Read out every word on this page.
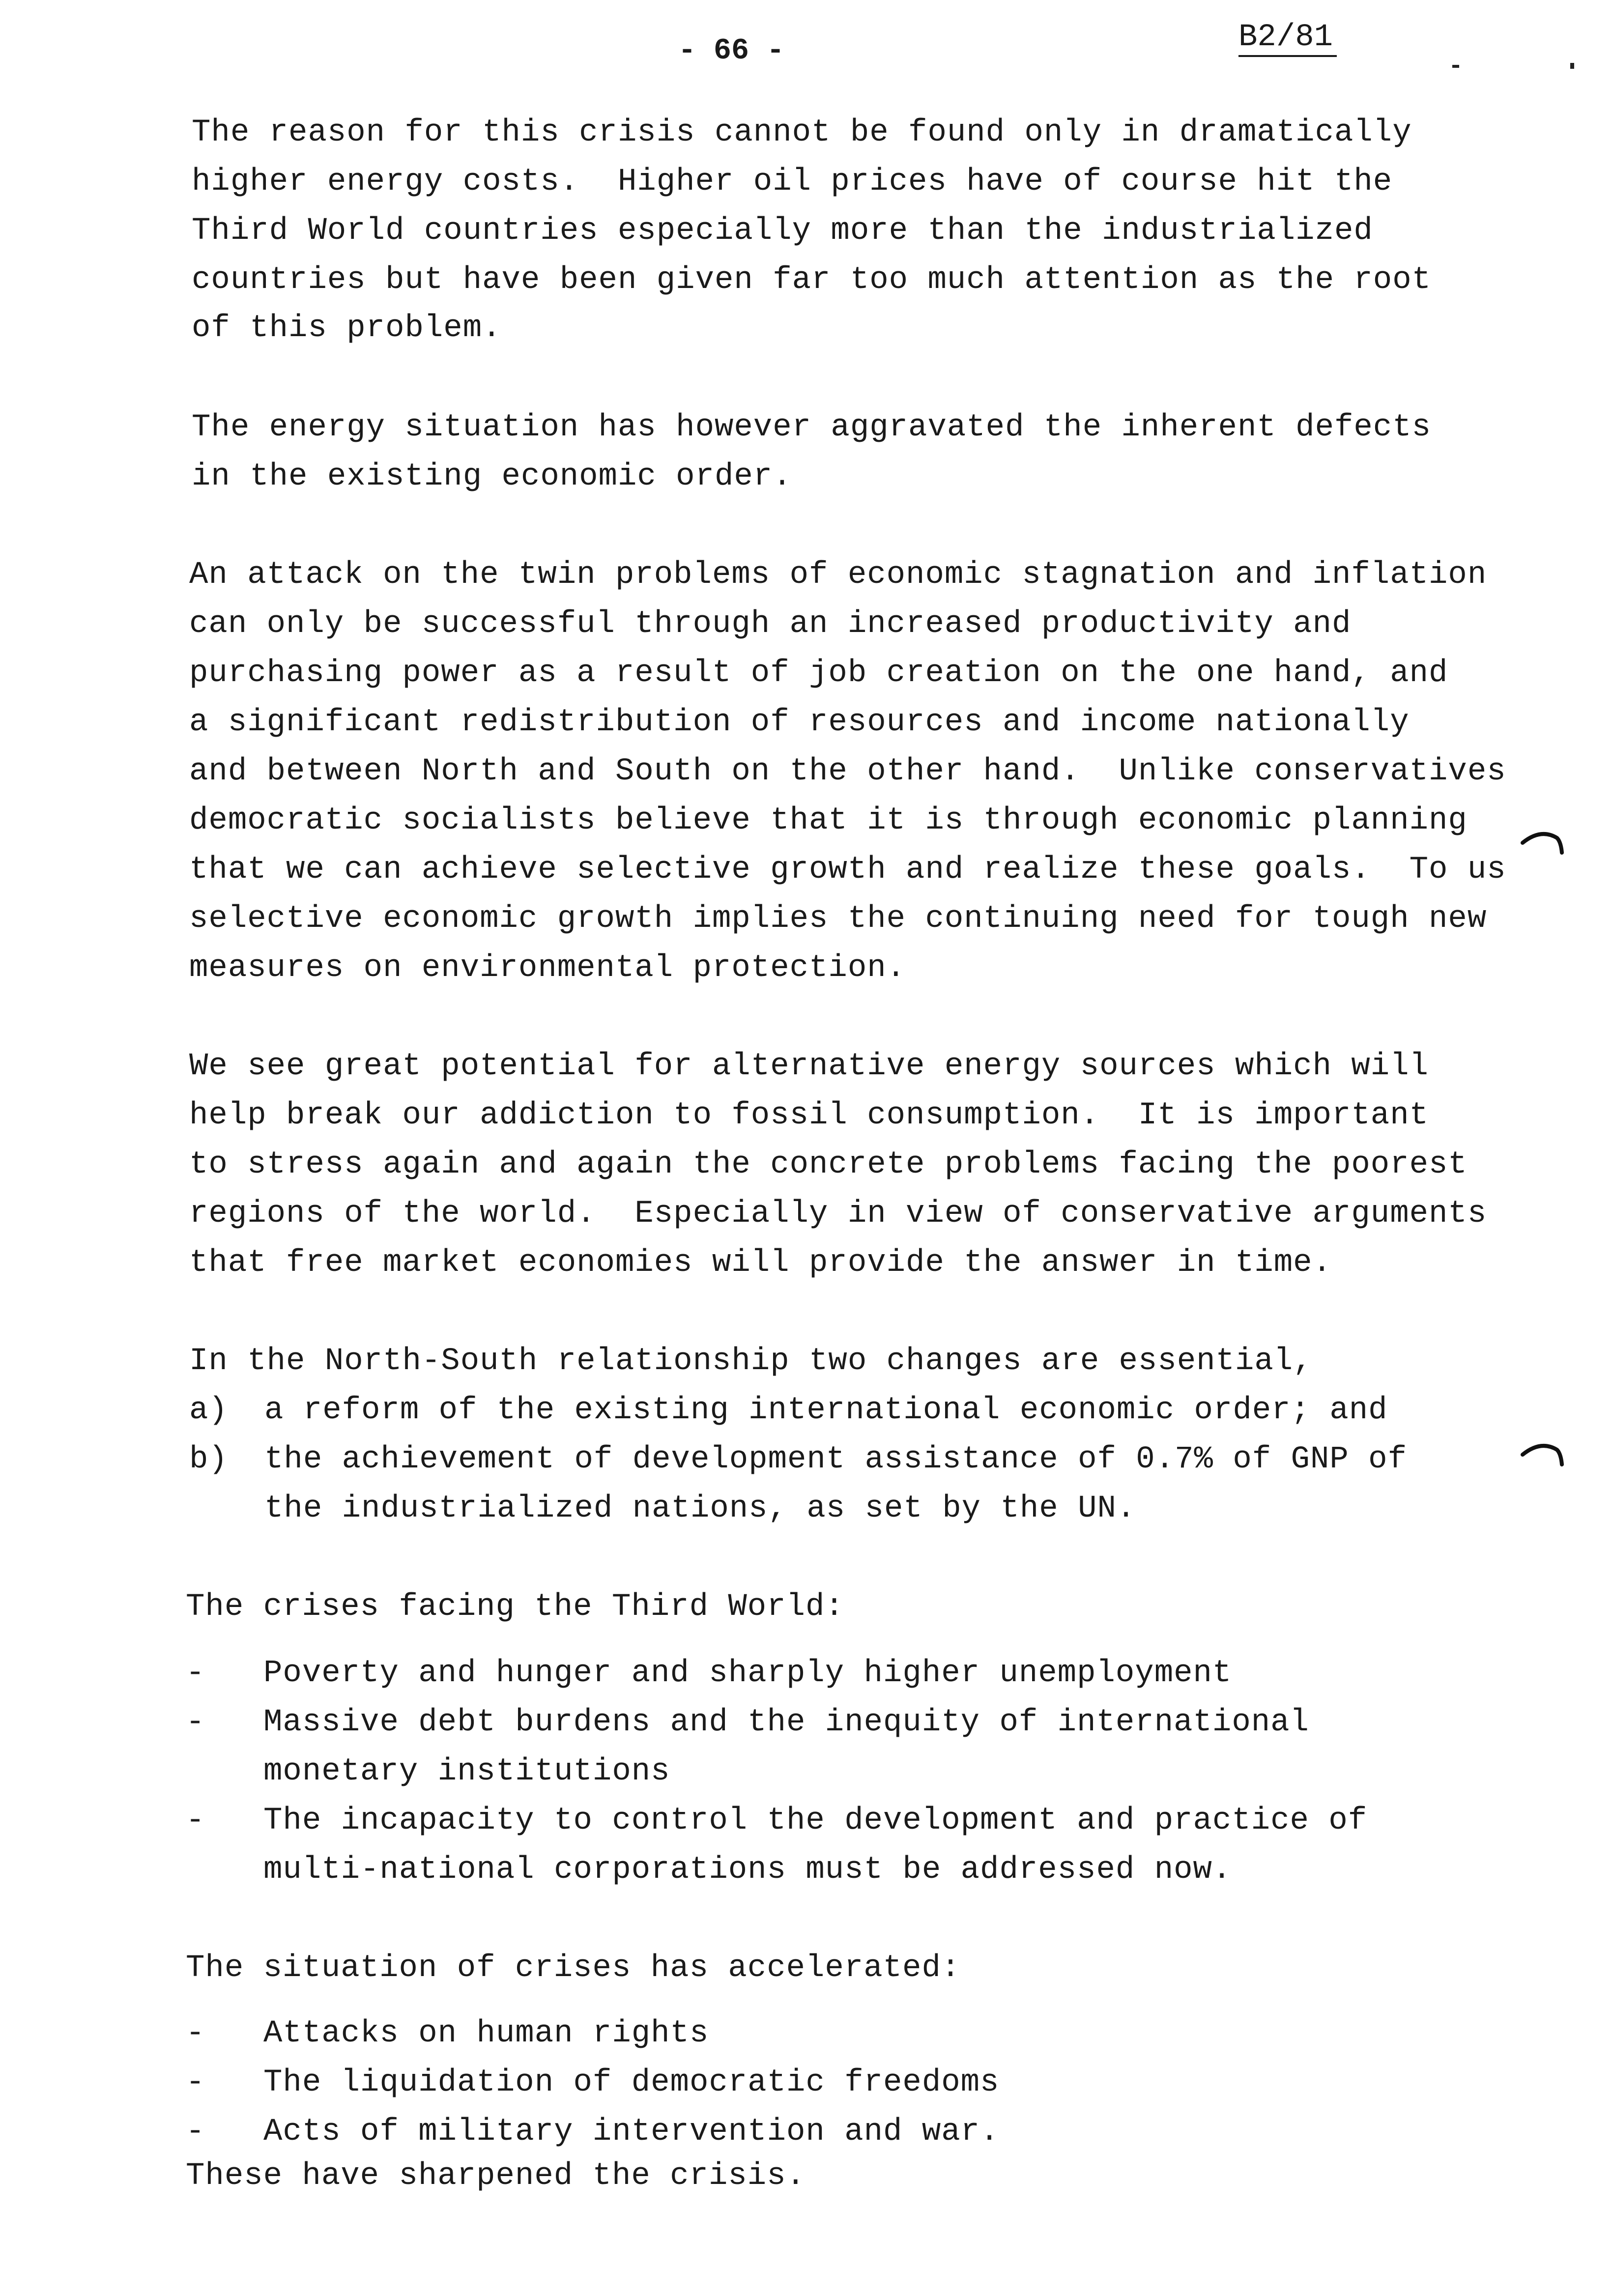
- 66 -	B2/81
The reason for this crisis cannot be found only in dramatically
higher energy costs.  Higher oil prices have of course hit the
Third World countries especially more than the industrialized
countries but have been given far too much attention as the root
of this problem.
The energy situation has however aggravated the inherent defects
in the existing economic order.
An attack on the twin problems of economic stagnation and inflation
can only be successful through an increased productivity and
purchasing power as a result of job creation on the one hand, and
a significant redistribution of resources and income nationally
and between North and South on the other hand.  Unlike conservatives
democratic socialists believe that it is through economic planning
that we can achieve selective growth and realize these goals.  To us
selective economic growth implies the continuing need for tough new
measures on environmental protection.
We see great potential for alternative energy sources which will
help break our addiction to fossil consumption.  It is important
to stress again and again the concrete problems facing the poorest
regions of the world.  Especially in view of conservative arguments
that free market economies will provide the answer in time.
In the North-South relationship two changes are essential,
a) a reform of the existing international economic order; and
b) the achievement of development assistance of 0.7% of GNP of
the industrialized nations, as set by the UN.
The crises facing the Third World:
- Poverty and hunger and sharply higher unemployment
- Massive debt burdens and the inequity of international
monetary institutions
- The incapacity to control the development and practice of
multi-national corporations must be addressed now.
The situation of crises has accelerated:
- Attacks on human rights
- The liquidation of democratic freedoms
- Acts of military intervention and war.
These have sharpened the crisis.
